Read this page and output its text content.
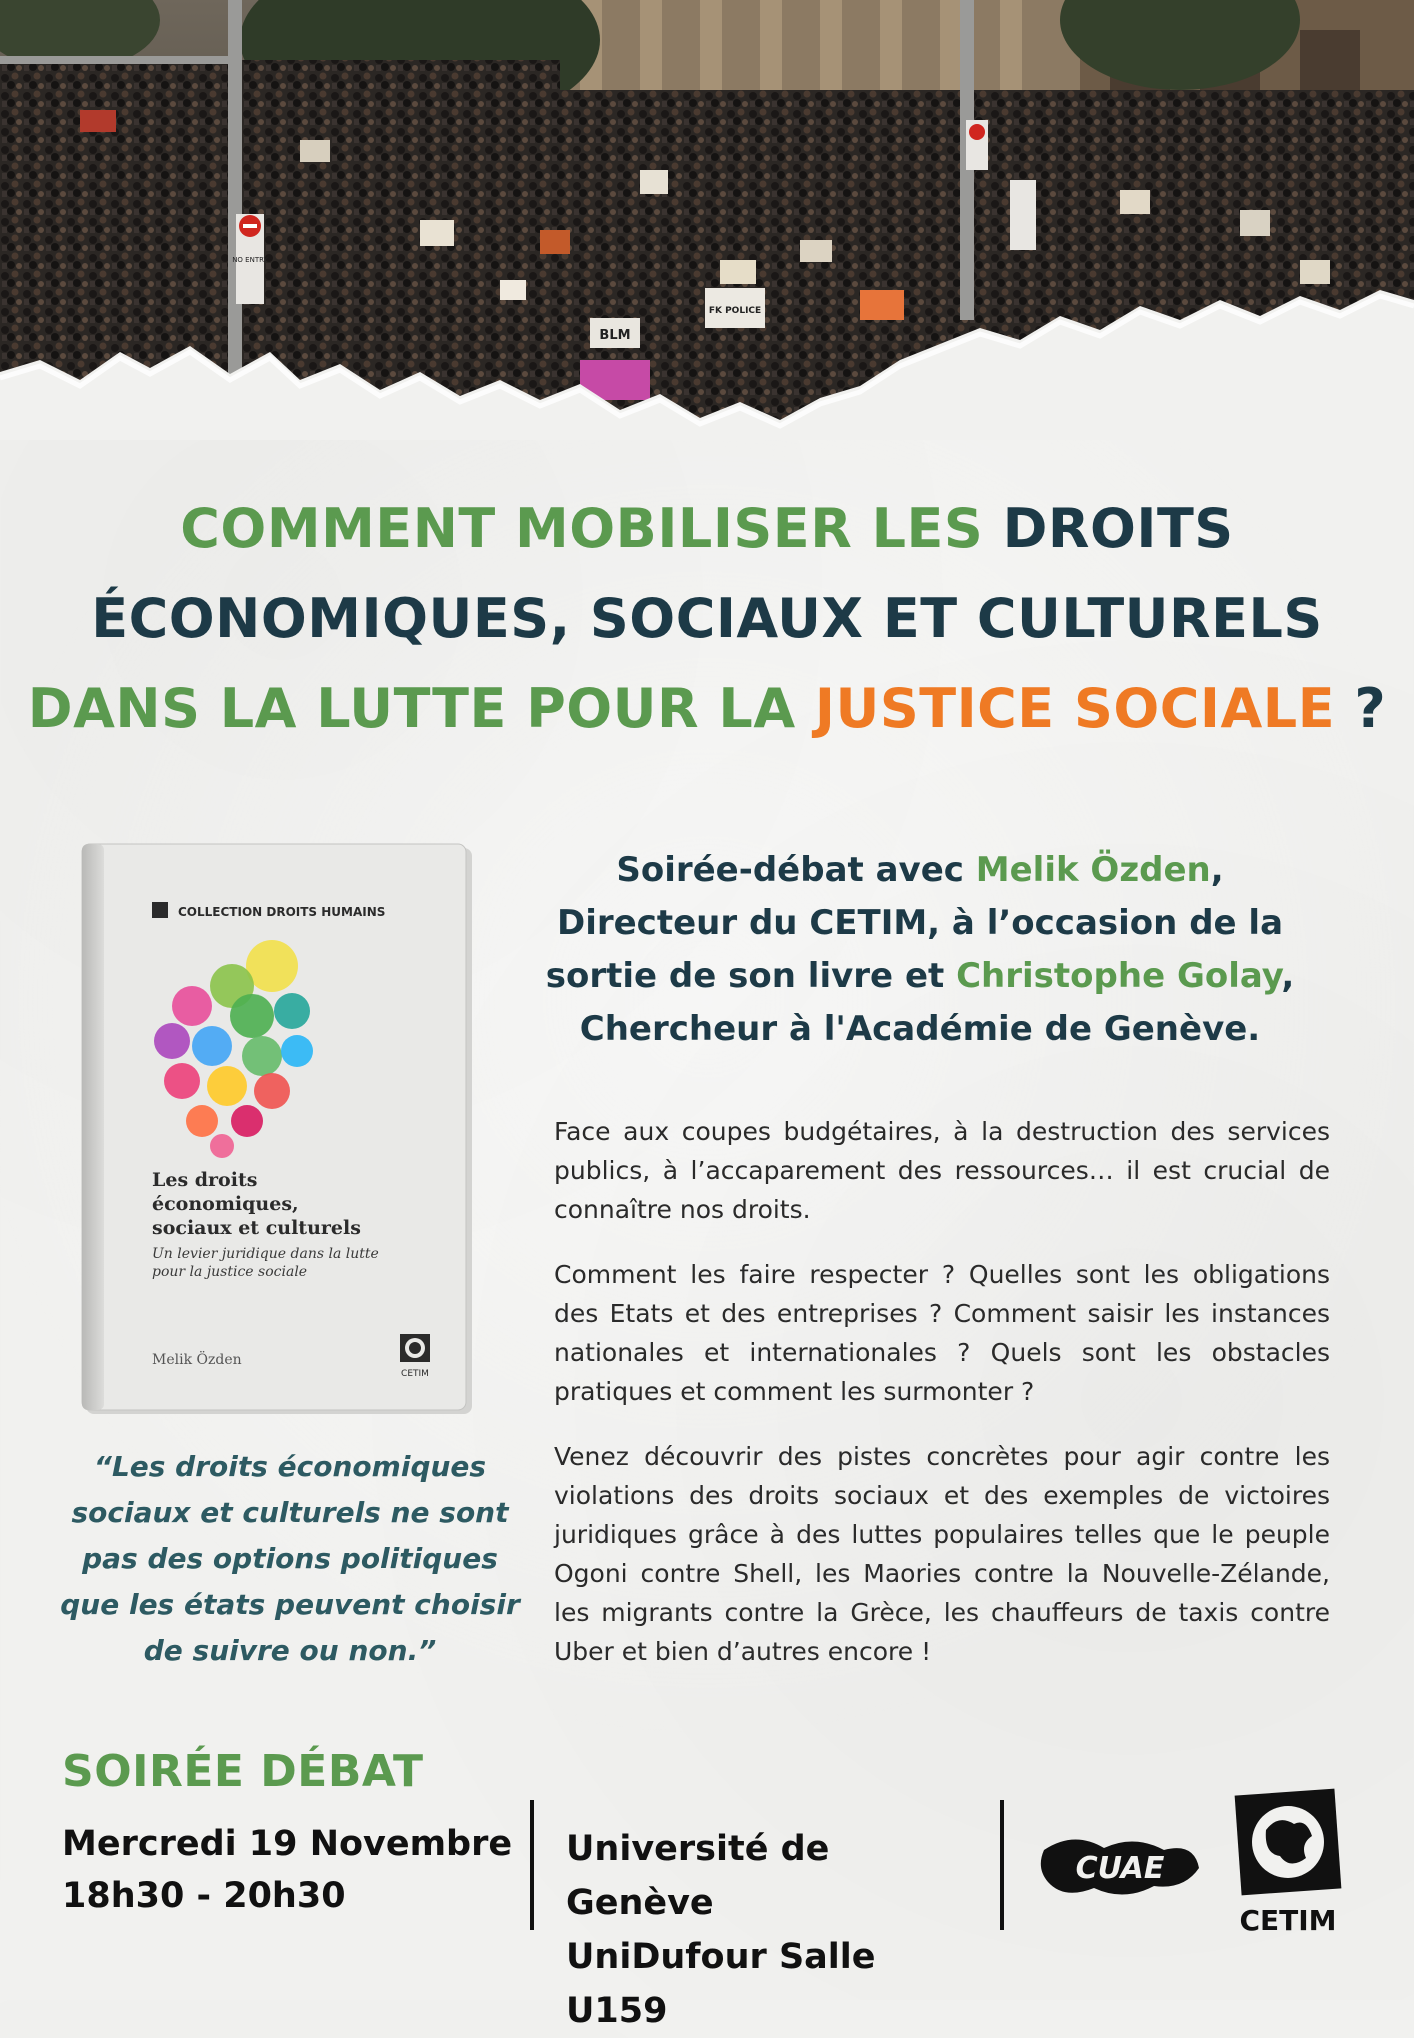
BLM
FK POLICE
NO ENTRY
COMMENT MOBILISER LES DROITS
ÉCONOMIQUES, SOCIAUX ET CULTURELS
DANS LA LUTTE POUR LA JUSTICE SOCIALE ?
COLLECTION DROITS HUMAINS
Les droits
économiques,
sociaux et culturels
Un levier juridique dans la lutte
pour la justice sociale
Melik Özden
CETIM
“Les droits économiques sociaux et culturels ne sont pas des options politiques que les états peuvent choisir de suivre ou non.”
Soirée-débat avec Melik Özden, Directeur du CETIM, à l’occasion de la sortie de son livre et Christophe Golay, Chercheur à l'Académie de Genève.

Face aux coupes budgétaires, à la destruction des services publics, à l’accaparement des ressources… il est crucial de connaître nos droits.

Comment les faire respecter ? Quelles sont les obligations des Etats et des entreprises ? Comment saisir les instances nationales et internationales ? Quels sont les obstacles pratiques et comment les surmonter ?

Venez découvrir des pistes concrètes pour agir contre les violations des droits sociaux et des exemples de victoires juridiques grâce à des luttes populaires telles que le peuple Ogoni contre Shell, les Maories contre la Nouvelle-Zélande, les migrants contre la Grèce, les chauffeurs de taxis contre Uber et bien d’autres encore !

SOIRÉE DÉBAT
Mercredi 19 Novembre
18h30 - 20h30
Université de Genève
UniDufour Salle U159
CUAE
CETIM
